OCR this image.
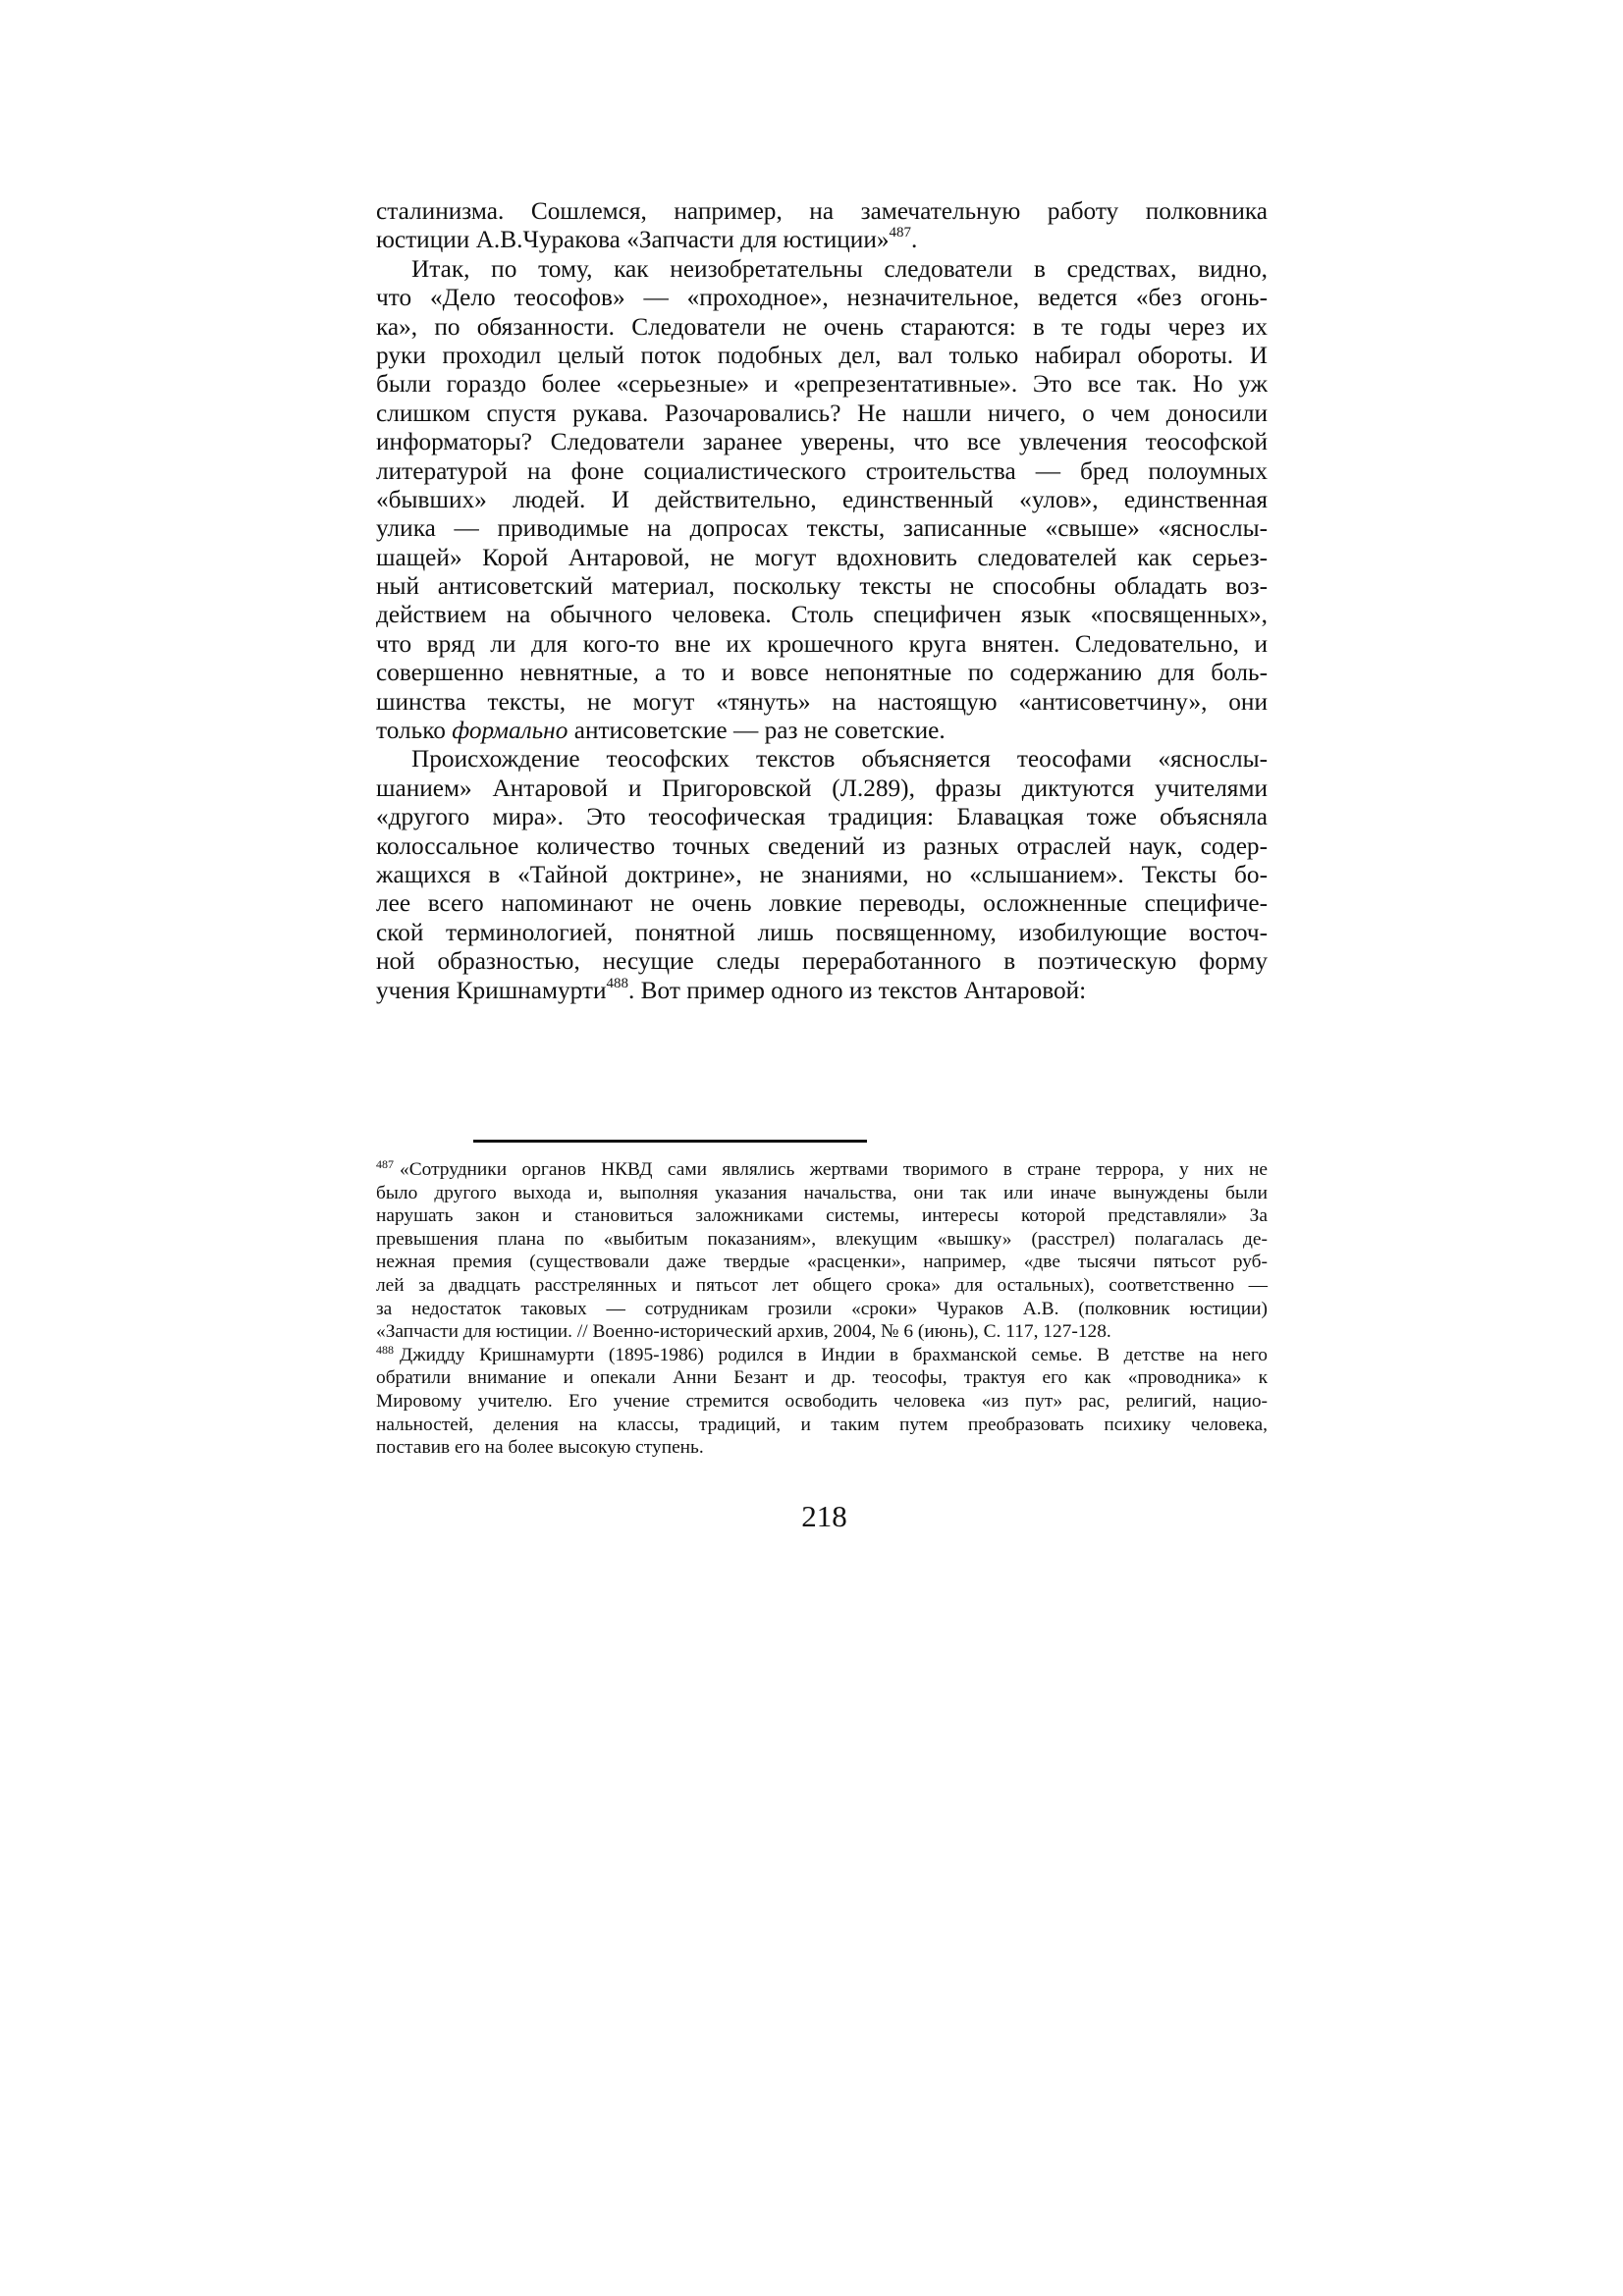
сталинизма. Сошлемся, например, на замечательную работу полковника
юстиции А.В.Чуракова «Запчасти для юстиции»$^{487}$.
Итак, по тому, как неизобретательны следователи в средствах, видно,
что «Дело теософов» — «проходное», незначительное, ведется «без огонь-
ка», по обязанности. Следователи не очень стараются: в те годы через их
руки проходил целый поток подобных дел, вал только набирал обороты. И
были гораздо более «серьезные» и «репрезентативные». Это все так. Но уж
слишком спустя рукава. Разочаровались? Не нашли ничего, о чем доносили
информаторы? Следователи заранее уверены, что все увлечения теософской
литературой на фоне социалистического строительства — бред полоумных
«бывших» людей. И действительно, единственный «улов», единственная
улика — приводимые на допросах тексты, записанные «свыше» «яснослы-
шащей» Корой Антаровой, не могут вдохновить следователей как серьез-
ный антисоветский материал, поскольку тексты не способны обладать воз-
действием на обычного человека. Столь специфичен язык «посвященных»,
что вряд ли для кого-то вне их крошечного круга внятен. Следовательно, и
совершенно невнятные, а то и вовсе непонятные по содержанию для боль-
шинства тексты, не могут «тянуть» на настоящую «антисоветчину», они
только формально антисоветские — раз не советские.
Происхождение теософских текстов объясняется теософами «яснослы-
шанием» Антаровой и Пригоровской (Л.289), фразы диктуются учителями
«другого мира». Это теософическая традиция: Блавацкая тоже объясняла
колоссальное количество точных сведений из разных отраслей наук, содер-
жащихся в «Тайной доктрине», не знаниями, но «слышанием». Тексты бо-
лее всего напоминают не очень ловкие переводы, осложненные специфиче-
ской терминологией, понятной лишь посвященному, изобилующие восточ-
ной образностью, несущие следы переработанного в поэтическую форму
учения Кришнамурти$^{488}$. Вот пример одного из текстов Антаровой:
$^{487}$ «Сотрудники органов НКВД сами являлись жертвами творимого в стране террора, у них не
было другого выхода и, выполняя указания начальства, они так или иначе вынуждены были
нарушать закон и становиться заложниками системы, интересы которой представляли» За
превышения плана по «выбитым показаниям», влекущим «вышку» (расстрел) полагалась де-
нежная премия (существовали даже твердые «расценки», например, «две тысячи пятьсот руб-
лей за двадцать расстрелянных и пятьсот лет общего срока» для остальных), соответственно —
за недостаток таковых — сотрудникам грозили «сроки» Чураков А.В. (полковник юстиции)
«Запчасти для юстиции. // Военно-исторический архив, 2004, № 6 (июнь), С. 117, 127-128.
$^{488}$ Джидду Кришнамурти (1895-1986) родился в Индии в брахманской семье. В детстве на него
обратили внимание и опекали Анни Безант и др. теософы, трактуя его как «проводника» к
Мировому учителю. Его учение стремится освободить человека «из пут» рас, религий, нацио-
нальностей, деления на классы, традиций, и таким путем преобразовать психику человека,
поставив его на более высокую ступень.
218
